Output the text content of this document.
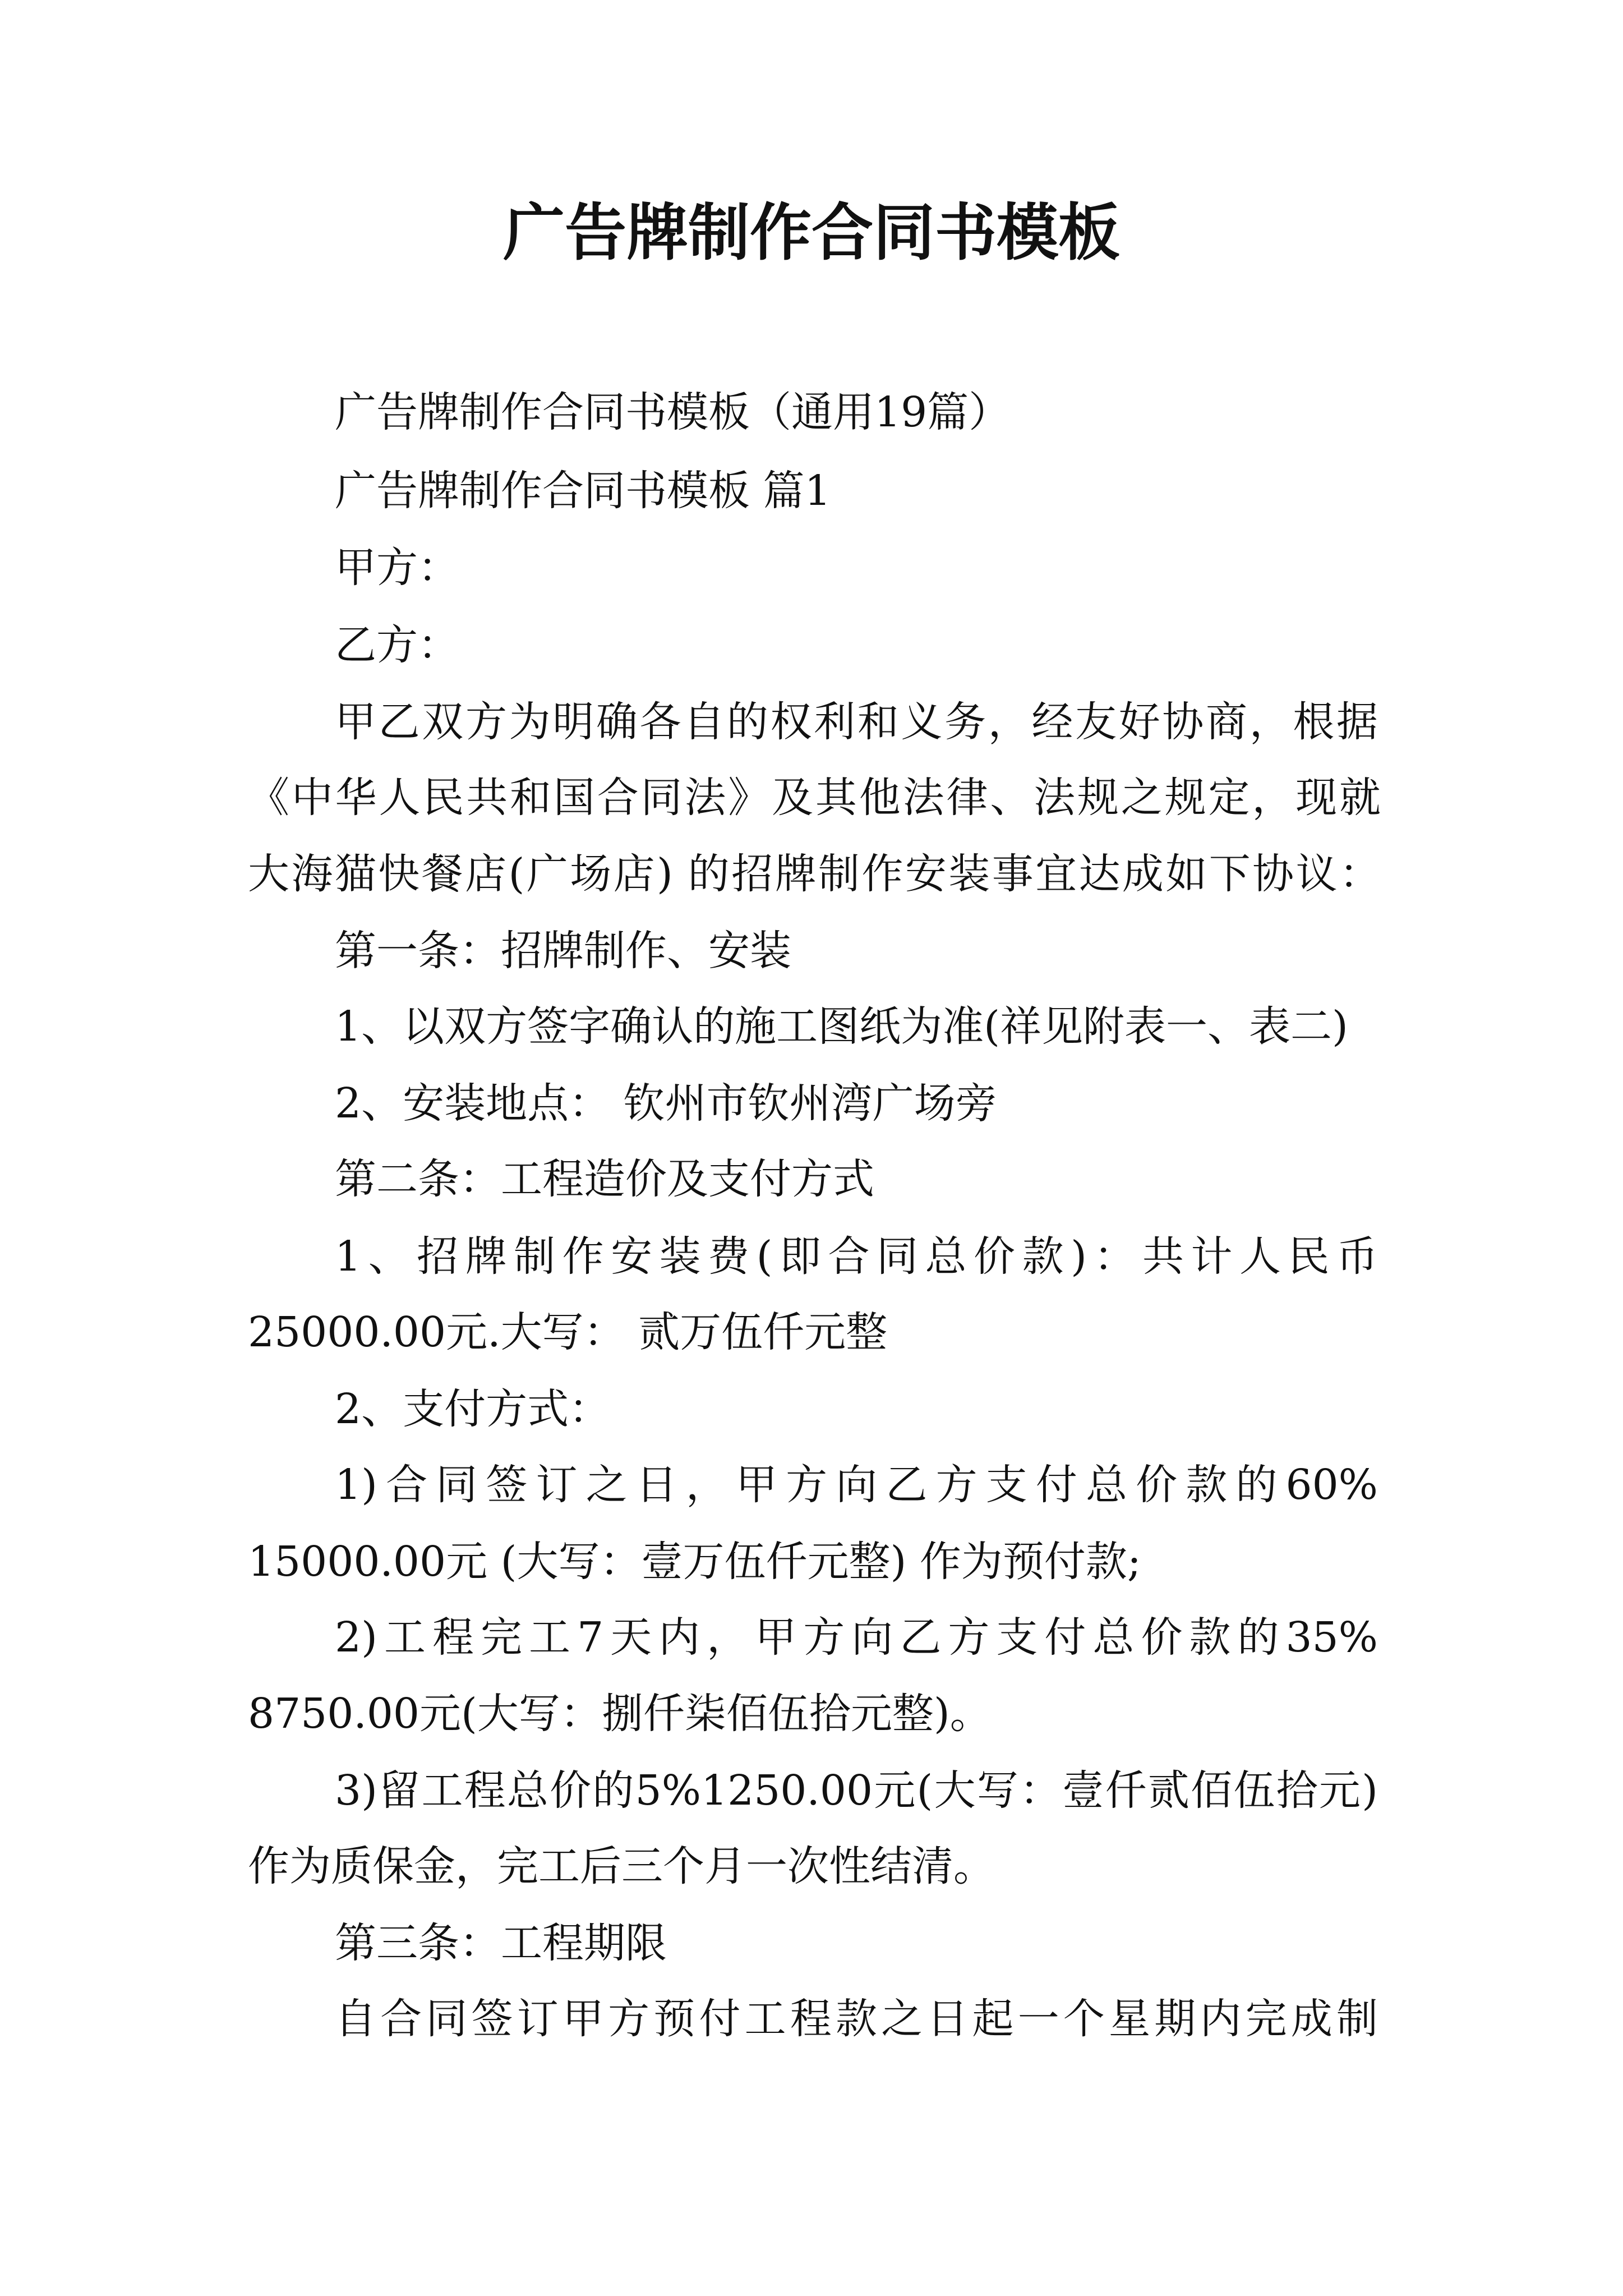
广告牌制作合同书模板
广告牌制作合同书模板（通用19篇）
广告牌制作合同书模板 篇1
甲方：
乙方：
甲乙双方为明确各自的权利和义务，经友好协商，根据
《中华人民共和国合同法》及其他法律、法规之规定，现就
大海猫快餐店(广场店) 的招牌制作安装事宜达成如下协议：
第一条：招牌制作、安装
1、以双方签字确认的施工图纸为准(祥见附表一、表二)
2、安装地点： 钦州市钦州湾广场旁
第二条：工程造价及支付方式
1、招牌制作安装费(即合同总价款)：共计人民币
25000.00元.大写： 贰万伍仟元整
2、支付方式：
1)合同签订之日，甲方向乙方支付总价款的60%
15000.00元 (大写：壹万伍仟元整) 作为预付款;
2)工程完工7天内，甲方向乙方支付总价款的35%
8750.00元(大写：捌仟柒佰伍拾元整)。
3)留工程总价的5%1250.00元(大写：壹仟贰佰伍拾元)
作为质保金，完工后三个月一次性结清。
第三条：工程期限
自合同签订甲方预付工程款之日起一个星期内完成制
